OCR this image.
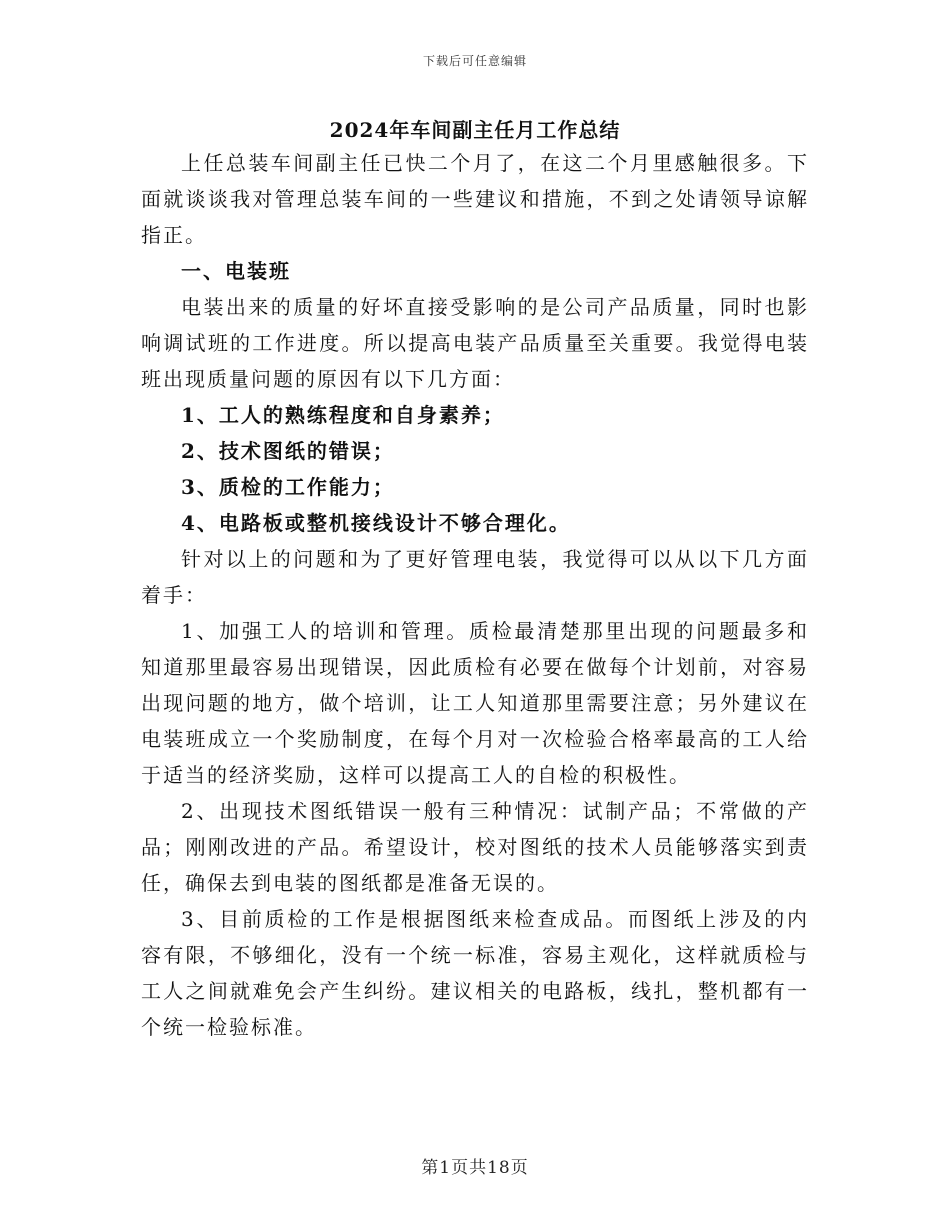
下载后可任意编辑
2024年车间副主任月工作总结

上任总装车间副主任已快二个月了，在这二个月里感触很多。下面就谈谈我对管理总装车间的一些建议和措施，不到之处请领导谅解指正。

一、电装班

电装出来的质量的好坏直接受影响的是公司产品质量，同时也影响调试班的工作进度。所以提高电装产品质量至关重要。我觉得电装班出现质量问题的原因有以下几方面：

1、工人的熟练程度和自身素养；

2、技术图纸的错误；

3、质检的工作能力；

4、电路板或整机接线设计不够合理化。

针对以上的问题和为了更好管理电装，我觉得可以从以下几方面着手：

1、加强工人的培训和管理。质检最清楚那里出现的问题最多和知道那里最容易出现错误，因此质检有必要在做每个计划前，对容易出现问题的地方，做个培训，让工人知道那里需要注意；另外建议在电装班成立一个奖励制度，在每个月对一次检验合格率最高的工人给于适当的经济奖励，这样可以提高工人的自检的积极性。

2、出现技术图纸错误一般有三种情况：试制产品；不常做的产品；刚刚改进的产品。希望设计，校对图纸的技术人员能够落实到责任，确保去到电装的图纸都是准备无误的。

3、目前质检的工作是根据图纸来检查成品。而图纸上涉及的内容有限，不够细化，没有一个统一标准，容易主观化，这样就质检与工人之间就难免会产生纠纷。建议相关的电路板，线扎，整机都有一个统一检验标准。

第1页共18页
